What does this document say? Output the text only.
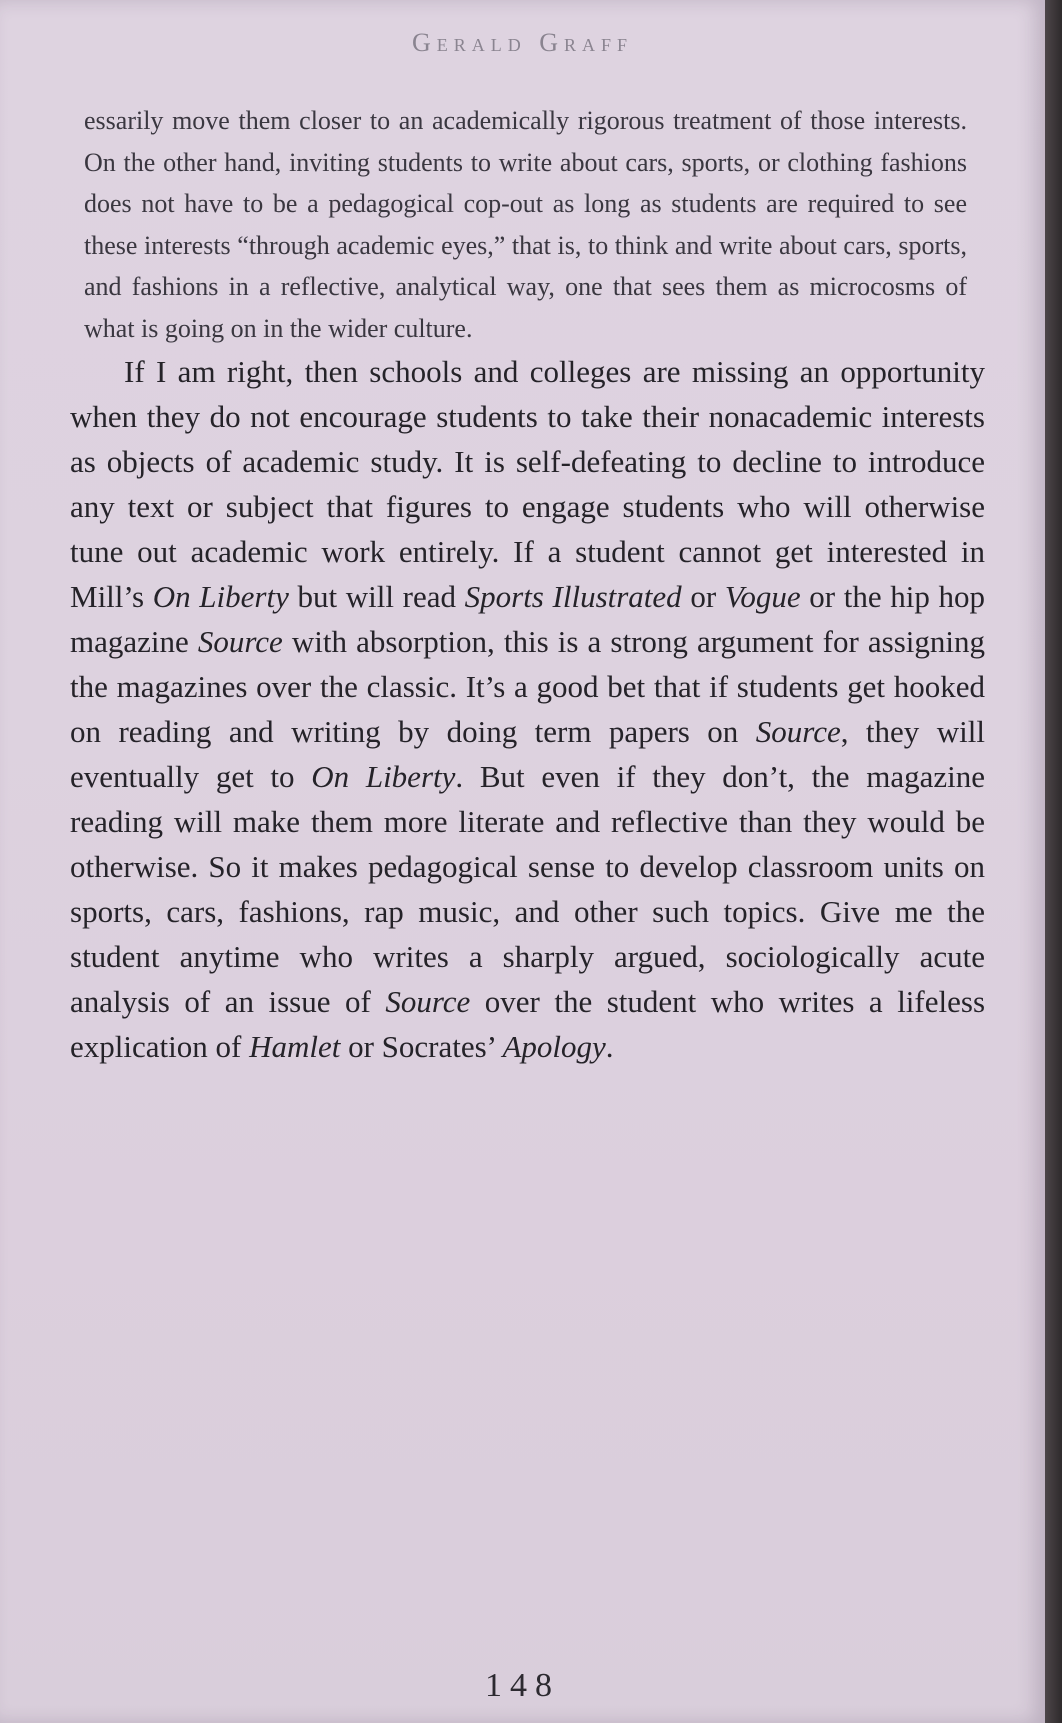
Gerald Graff

essarily move them closer to an academically rigorous treatment of those interests. On the other hand, inviting students to write about cars, sports, or clothing fashions does not have to be a pedagogical cop-out as long as students are required to see these interests “through academic eyes,” that is, to think and write about cars, sports, and fashions in a reflective, analytical way, one that sees them as microcosms of what is going on in the wider culture.

If I am right, then schools and colleges are missing an opportunity when they do not encourage students to take their nonacademic interests as objects of academic study. It is self-defeating to decline to introduce any text or subject that figures to engage students who will otherwise tune out academic work entirely. If a student cannot get interested in Mill’s On Liberty but will read Sports Illustrated or Vogue or the hip hop magazine Source with absorption, this is a strong argument for assigning the magazines over the classic. It’s a good bet that if students get hooked on reading and writing by doing term papers on Source, they will eventually get to On Liberty. But even if they don’t, the magazine reading will make them more literate and reflective than they would be otherwise. So it makes pedagogical sense to develop classroom units on sports, cars, fashions, rap music, and other such topics. Give me the student anytime who writes a sharply argued, sociologically acute analysis of an issue of Source over the student who writes a lifeless explication of Hamlet or Socrates’ Apology.

148
